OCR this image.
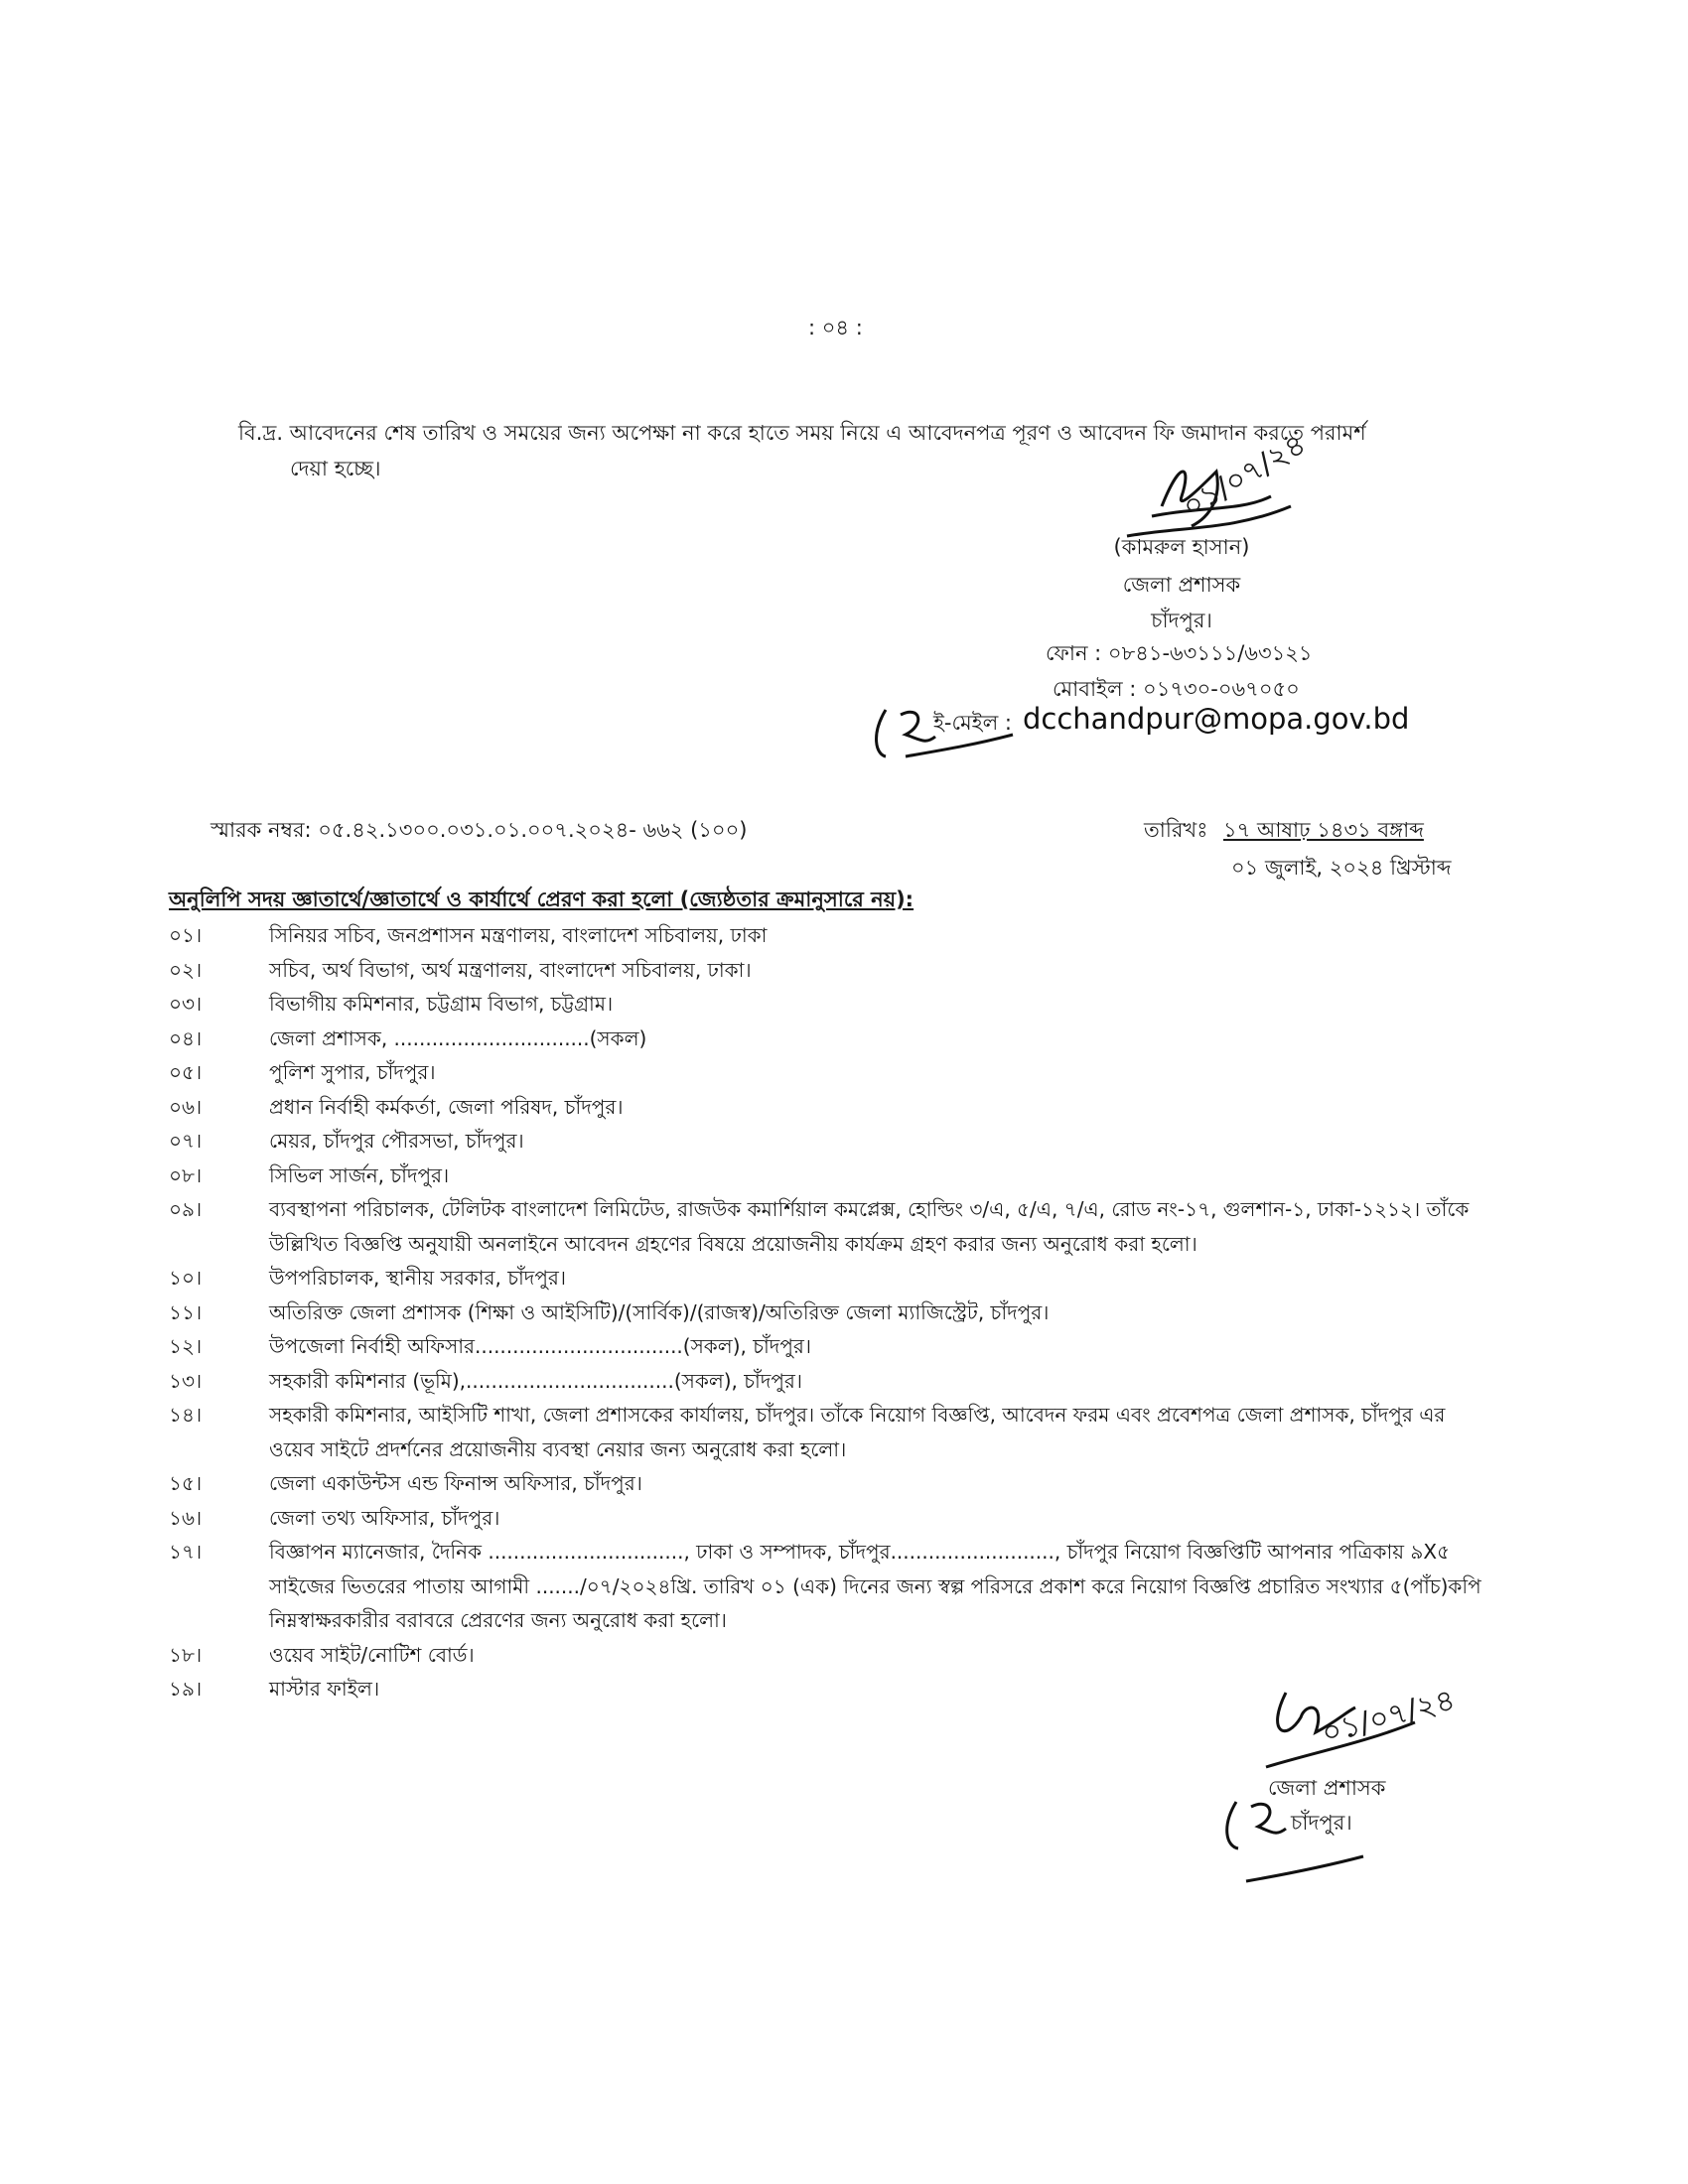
: ০৪ :
বি.দ্র. আবেদনের শেষ তারিখ ও সময়ের জন্য অপেক্ষা না করে হাতে সময় নিয়ে এ আবেদনপত্র পূরণ ও আবেদন ফি জমাদান করতে পরামর্শ
দেয়া হচ্ছে।	০১/০৭/২৪
(কামরুল হাসান)
জেলা প্রশাসক
চাঁদপুর।
ফোন : ০৮৪১-৬৩১১১/৬৩১২১
মোবাইল : ০১৭৩০-০৬৭০৫০
ই-মেইল : dcchandpur@mopa.gov.bd
স্মারক নম্বর: ০৫.৪২.১৩০০.০৩১.০১.০০৭.২০২৪- ৬৬২ (১০০)	তারিখঃ ১৭ আষাঢ় ১৪৩১ বঙ্গাব্দ
০১ জুলাই, ২০২৪ খ্রিস্টাব্দ
অনুলিপি সদয় জ্ঞাতার্থে/জ্ঞাতার্থে ও কার্যার্থে প্রেরণ করা হলো (জ্যেষ্ঠতার ক্রমানুসারে নয়):
০১।	সিনিয়র সচিব, জনপ্রশাসন মন্ত্রণালয়, বাংলাদেশ সচিবালয়, ঢাকা
০২।	সচিব, অর্থ বিভাগ, অর্থ মন্ত্রণালয়, বাংলাদেশ সচিবালয়, ঢাকা।
০৩।	বিভাগীয় কমিশনার, চট্টগ্রাম বিভাগ, চট্টগ্রাম।
০৪।	জেলা প্রশাসক, ...............................(সকল)
০৫।	পুলিশ সুপার, চাঁদপুর।
০৬।	প্রধান নির্বাহী কর্মকর্তা, জেলা পরিষদ, চাঁদপুর।
০৭।	মেয়র, চাঁদপুর পৌরসভা, চাঁদপুর।
০৮।	সিভিল সার্জন, চাঁদপুর।
০৯।	ব্যবস্থাপনা পরিচালক, টেলিটক বাংলাদেশ লিমিটেড, রাজউক কমার্শিয়াল কমপ্লেক্স, হোল্ডিং ৩/এ, ৫/এ, ৭/এ, রোড নং-১৭, গুলশান-১, ঢাকা-১২১২। তাঁকে উল্লিখিত বিজ্ঞপ্তি অনুযায়ী অনলাইনে আবেদন গ্রহণের বিষয়ে প্রয়োজনীয় কার্যক্রম গ্রহণ করার জন্য অনুরোধ করা হলো।
১০।	উপপরিচালক, স্থানীয় সরকার, চাঁদপুর।
১১।	অতিরিক্ত জেলা প্রশাসক (শিক্ষা ও আইসিটি)/(সার্বিক)/(রাজস্ব)/অতিরিক্ত জেলা ম্যাজিস্ট্রেট, চাঁদপুর।
১২।	উপজেলা নির্বাহী অফিসার.................................(সকল), চাঁদপুর।
১৩।	সহকারী কমিশনার (ভূমি),.................................(সকল), চাঁদপুর।
১৪।	সহকারী কমিশনার, আইসিটি শাখা, জেলা প্রশাসকের কার্যালয়, চাঁদপুর। তাঁকে নিয়োগ বিজ্ঞপ্তি, আবেদন ফরম এবং প্রবেশপত্র জেলা প্রশাসক, চাঁদপুর এর ওয়েব সাইটে প্রদর্শনের প্রয়োজনীয় ব্যবস্থা নেয়ার জন্য অনুরোধ করা হলো।
১৫।	জেলা একাউন্টস এন্ড ফিনান্স অফিসার, চাঁদপুর।
১৬।	জেলা তথ্য অফিসার, চাঁদপুর।
১৭।	বিজ্ঞাপন ম্যানেজার, দৈনিক ..............................., ঢাকা ও সম্পাদক, চাঁদপুর.........................., চাঁদপুর নিয়োগ বিজ্ঞপ্তিটি আপনার পত্রিকায় ৯X৫ সাইজের ভিতরের পাতায় আগামী ......./০৭/২০২৪খ্রি. তারিখ ০১ (এক) দিনের জন্য স্বল্প পরিসরে প্রকাশ করে নিয়োগ বিজ্ঞপ্তি প্রচারিত সংখ্যার ৫(পাঁচ)কপি নিম্নস্বাক্ষরকারীর বরাবরে প্রেরণের জন্য অনুরোধ করা হলো।
১৮।	ওয়েব সাইট/নোটিশ বোর্ড।
১৯।	মাস্টার ফাইল।	০১/০৭/২৪
জেলা প্রশাসক
চাঁদপুর।
